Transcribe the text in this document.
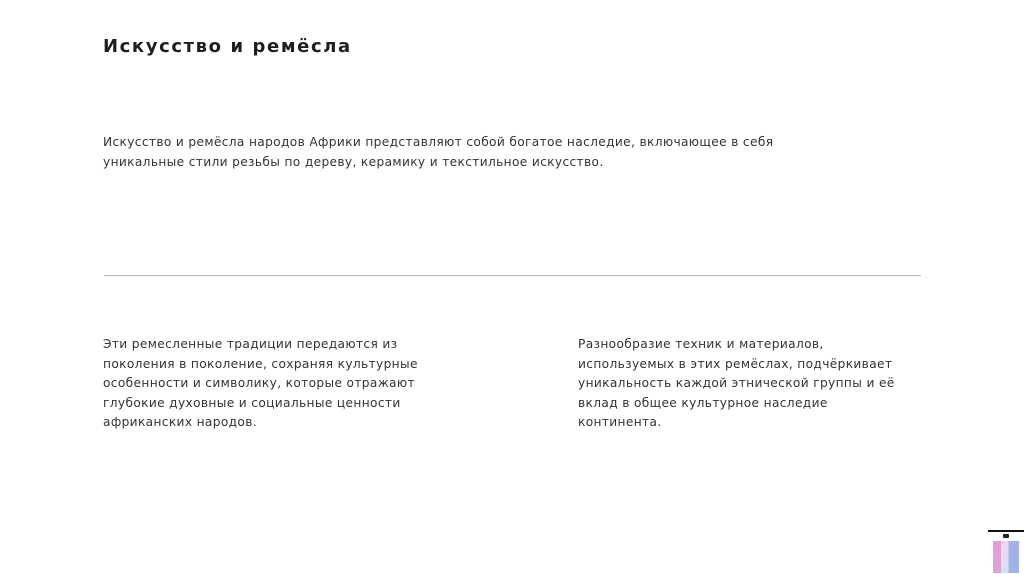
Искусство и ремёсла

Искусство и ремёсла народов Африки представляют собой богатое наследие, включающее в себя
уникальные стили резьбы по дереву, керамику и текстильное искусство.

Эти ремесленные традиции передаются из
поколения в поколение, сохраняя культурные
особенности и символику, которые отражают
глубокие духовные и социальные ценности
африканских народов.

Разнообразие техник и материалов,
используемых в этих ремёслах, подчёркивает
уникальность каждой этнической группы и её
вклад в общее культурное наследие
континента.
